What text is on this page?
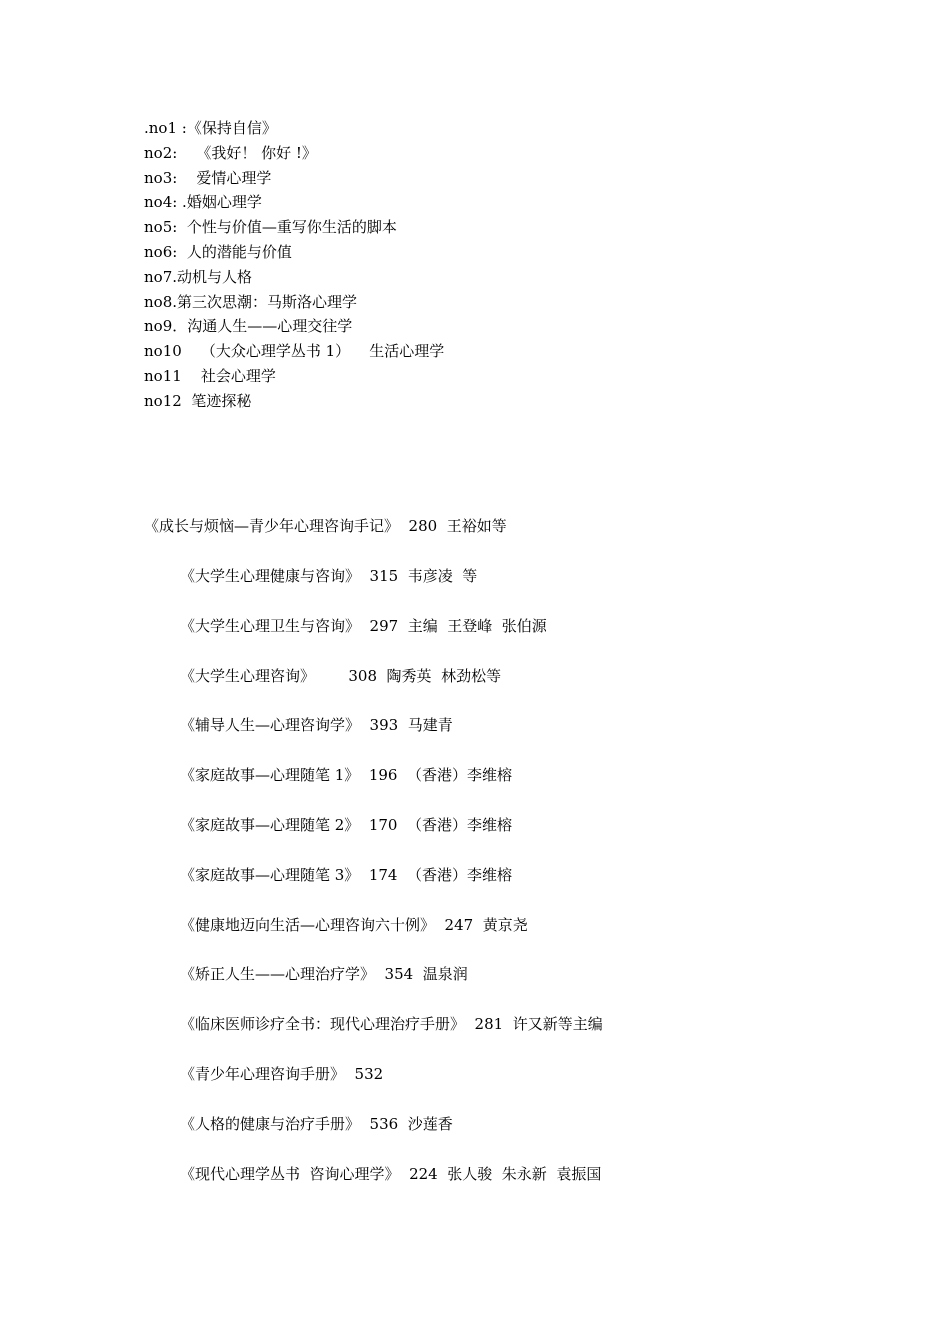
.no1 :《保持自信》
no2:    《我好！ 你好 !》
no3:    爱情心理学
no4: .婚姻心理学
no5:  个性与价值—重写你生活的脚本
no6:  人的潜能与价值
no7.动机与人格
no8.第三次思潮：马斯洛心理学
no9．沟通人生——心理交往学
no10    （大众心理学丛书 1）    生活心理学
no11    社会心理学
no12  笔迹探秘
《成长与烦恼—青少年心理咨询手记》  280  王裕如等
《大学生心理健康与咨询》  315  韦彦凌  等
《大学生心理卫生与咨询》  297  主编  王登峰  张伯源
《大学生心理咨询》       308  陶秀英  林劲松等
《辅导人生—心理咨询学》  393  马建青
《家庭故事—心理随笔 1》  196  （香港）李维榕
《家庭故事—心理随笔 2》  170  （香港）李维榕
《家庭故事—心理随笔 3》  174  （香港）李维榕
《健康地迈向生活—心理咨询六十例》  247  黄京尧
《矫正人生——心理治疗学》  354  温泉润
《临床医师诊疗全书：现代心理治疗手册》  281  许又新等主编
《青少年心理咨询手册》  532
《人格的健康与治疗手册》  536  沙莲香
《现代心理学丛书  咨询心理学》  224  张人骏  朱永新  袁振国
